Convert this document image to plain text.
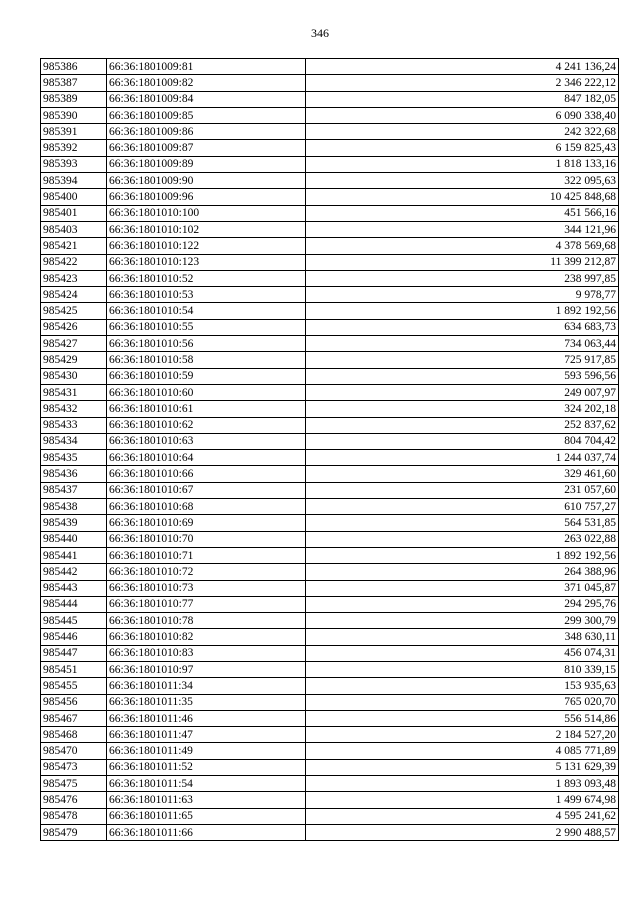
346
985386	66:36:1801009:81	4 241 136,24
985387	66:36:1801009:82	2 346 222,12
985389	66:36:1801009:84	847 182,05
985390	66:36:1801009:85	6 090 338,40
985391	66:36:1801009:86	242 322,68
985392	66:36:1801009:87	6 159 825,43
985393	66:36:1801009:89	1 818 133,16
985394	66:36:1801009:90	322 095,63
985400	66:36:1801009:96	10 425 848,68
985401	66:36:1801010:100	451 566,16
985403	66:36:1801010:102	344 121,96
985421	66:36:1801010:122	4 378 569,68
985422	66:36:1801010:123	11 399 212,87
985423	66:36:1801010:52	238 997,85
985424	66:36:1801010:53	9 978,77
985425	66:36:1801010:54	1 892 192,56
985426	66:36:1801010:55	634 683,73
985427	66:36:1801010:56	734 063,44
985429	66:36:1801010:58	725 917,85
985430	66:36:1801010:59	593 596,56
985431	66:36:1801010:60	249 007,97
985432	66:36:1801010:61	324 202,18
985433	66:36:1801010:62	252 837,62
985434	66:36:1801010:63	804 704,42
985435	66:36:1801010:64	1 244 037,74
985436	66:36:1801010:66	329 461,60
985437	66:36:1801010:67	231 057,60
985438	66:36:1801010:68	610 757,27
985439	66:36:1801010:69	564 531,85
985440	66:36:1801010:70	263 022,88
985441	66:36:1801010:71	1 892 192,56
985442	66:36:1801010:72	264 388,96
985443	66:36:1801010:73	371 045,87
985444	66:36:1801010:77	294 295,76
985445	66:36:1801010:78	299 300,79
985446	66:36:1801010:82	348 630,11
985447	66:36:1801010:83	456 074,31
985451	66:36:1801010:97	810 339,15
985455	66:36:1801011:34	153 935,63
985456	66:36:1801011:35	765 020,70
985467	66:36:1801011:46	556 514,86
985468	66:36:1801011:47	2 184 527,20
985470	66:36:1801011:49	4 085 771,89
985473	66:36:1801011:52	5 131 629,39
985475	66:36:1801011:54	1 893 093,48
985476	66:36:1801011:63	1 499 674,98
985478	66:36:1801011:65	4 595 241,62
985479	66:36:1801011:66	2 990 488,57
